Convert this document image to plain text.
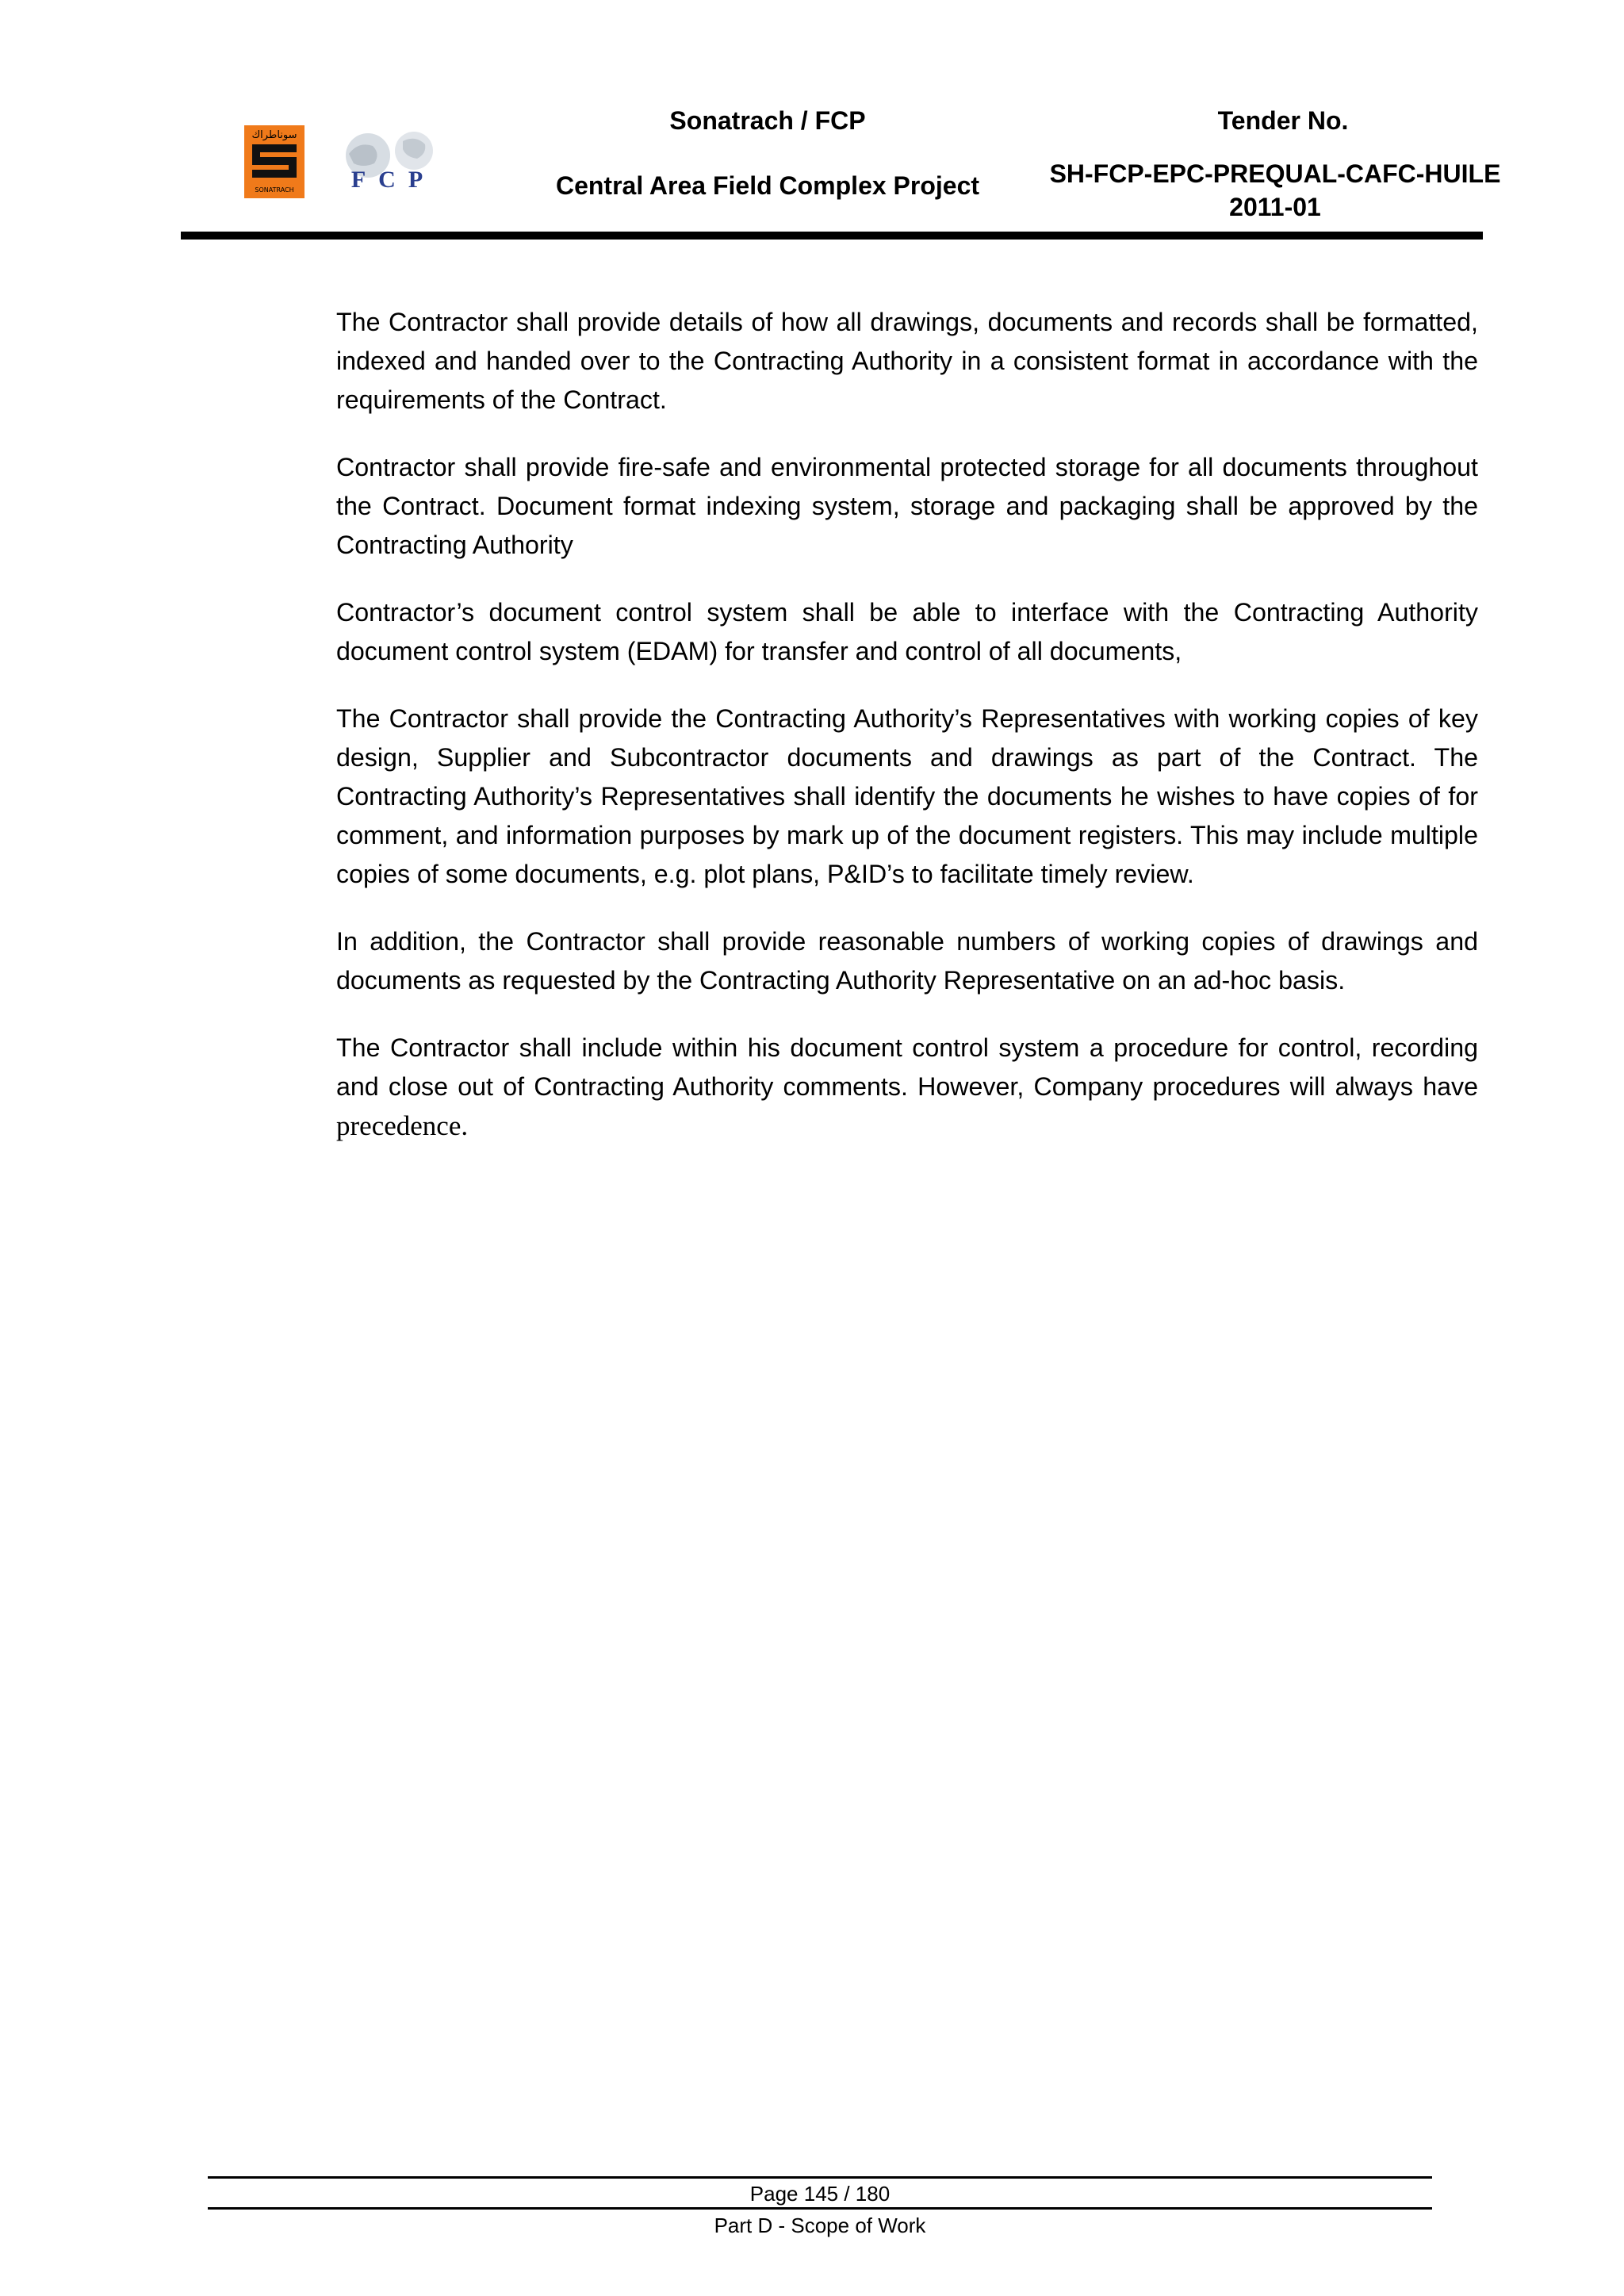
سوناطراك
SONATRACH FCP
Sonatrach / FCP
Central Area Field Complex Project
Tender No.
SH-FCP-EPC-PREQUAL-CAFC-HUILE 2011-01

The Contractor shall provide details of how all drawings, documents and records shall be formatted, indexed and handed over to the Contracting Authority in a consistent format in accordance with the requirements of the Contract.

Contractor shall provide fire-safe and environmental protected storage for all documents throughout the Contract. Document format indexing system, storage and packaging shall be approved by the Contracting Authority

Contractor’s document control system shall be able to interface with the Contracting Authority document control system (EDAM) for transfer and control of all documents,

The Contractor shall provide the Contracting Authority’s Representatives with working copies of key design, Supplier and Subcontractor documents and drawings as part of the Contract. The Contracting Authority’s Representatives shall identify the documents he wishes to have copies of for comment, and information purposes by mark up of the document registers. This may include multiple copies of some documents, e.g. plot plans, P&ID’s to facilitate timely review.

In addition, the Contractor shall provide reasonable numbers of working copies of drawings and documents as requested by the Contracting Authority Representative on an ad-hoc basis.

The Contractor shall include within his document control system a procedure for control, recording and close out of Contracting Authority comments. However, Company procedures will always have precedence.

Page 145 / 180
Part D - Scope of Work
